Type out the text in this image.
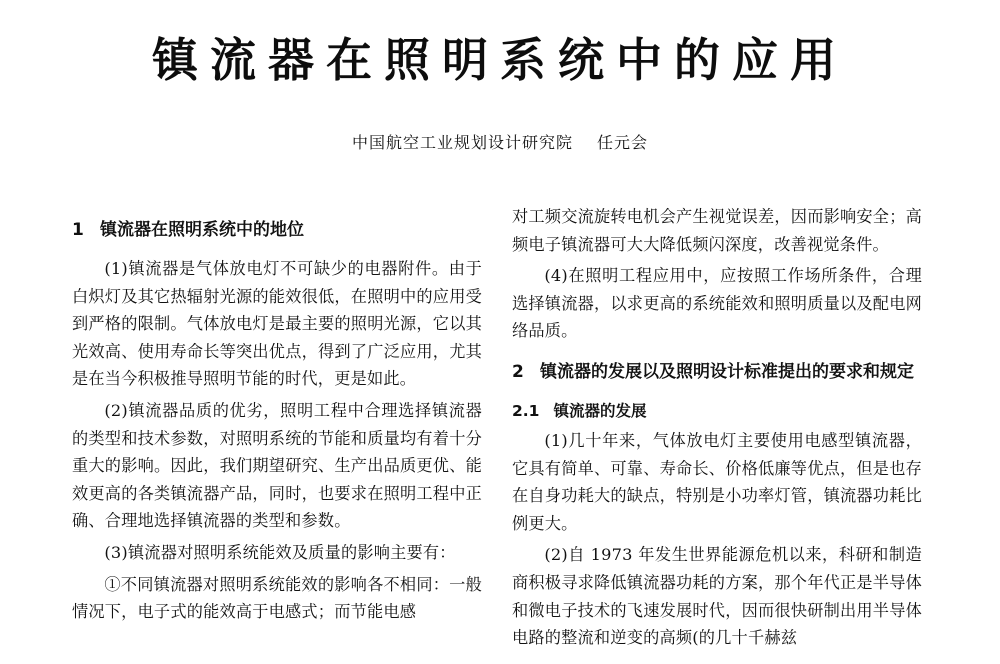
镇流器在照明系统中的应用
中国航空工业规划设计研究院 任元会
1 镇流器在照明系统中的地位

(1)镇流器是气体放电灯不可缺少的电器附件。由于白炽灯及其它热辐射光源的能效很低，在照明中的应用受到严格的限制。气体放电灯是最主要的照明光源，它以其光效高、使用寿命长等突出优点，得到了广泛应用，尤其是在当今积极推导照明节能的时代，更是如此。

(2)镇流器品质的优劣，照明工程中合理选择镇流器的类型和技术参数，对照明系统的节能和质量均有着十分重大的影响。因此，我们期望研究、生产出品质更优、能效更高的各类镇流器产品，同时，也要求在照明工程中正确、合理地选择镇流器的类型和参数。

(3)镇流器对照明系统能效及质量的影响主要有：

①不同镇流器对照明系统能效的影响各不相同：一般情况下，电子式的能效高于电感式；而节能电感

对工频交流旋转电机会产生视觉误差，因而影响安全；高频电子镇流器可大大降低频闪深度，改善视觉条件。

(4)在照明工程应用中，应按照工作场所条件，合理选择镇流器，以求更高的系统能效和照明质量以及配电网络品质。

2 镇流器的发展以及照明设计标准提出的要求和规定
2.1 镇流器的发展

(1)几十年来，气体放电灯主要使用电感型镇流器，它具有简单、可靠、寿命长、价格低廉等优点，但是也存在自身功耗大的缺点，特别是小功率灯管，镇流器功耗比例更大。

(2)自 1973 年发生世界能源危机以来，科研和制造商积极寻求降低镇流器功耗的方案，那个年代正是半导体和微电子技术的飞速发展时代，因而很快研制出用半导体电路的整流和逆变的高频(的几十千赫兹
